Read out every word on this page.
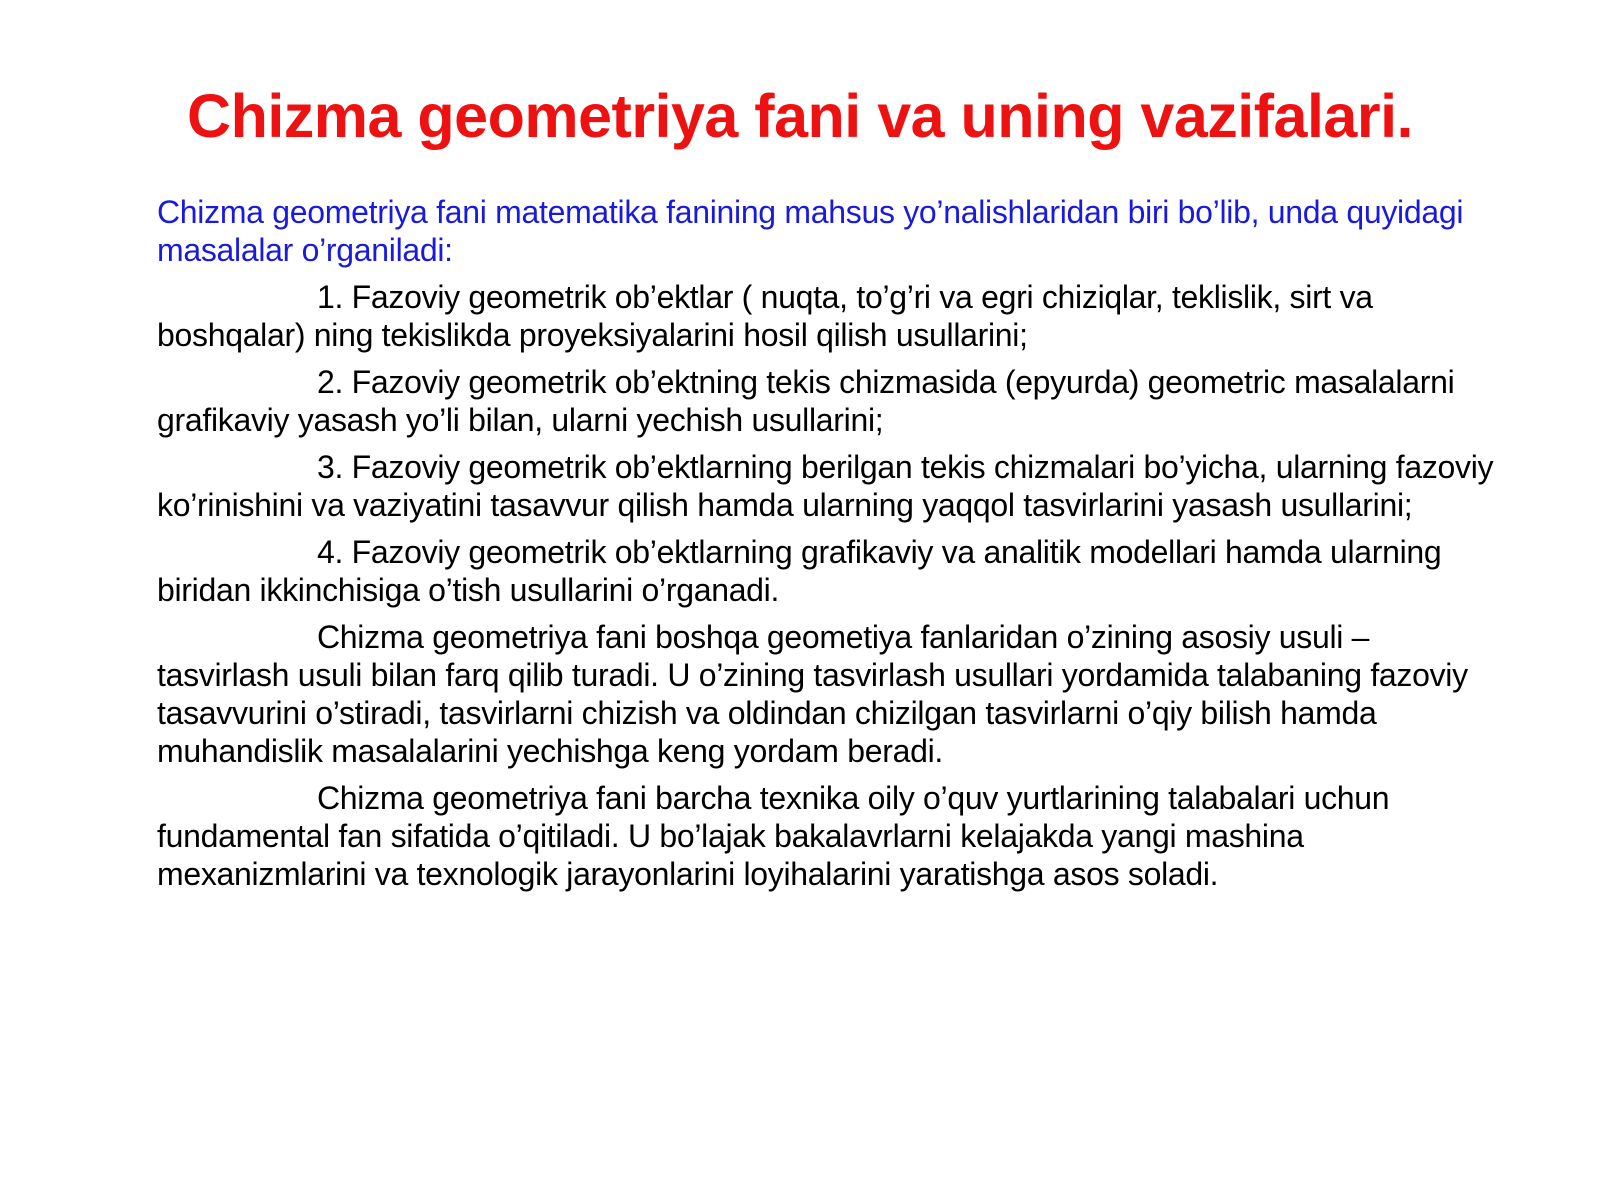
Chizma geometriya fani va uning vazifalari.

Chizma geometriya fani matematika fanining mahsus yo’nalishlaridan biri bo’lib, unda quyidagi masalalar o’rganiladi:

1. Fazoviy geometrik ob’ektlar ( nuqta, to’g’ri va egri chiziqlar, teklislik, sirt va boshqalar) ning tekislikda proyeksiyalarini hosil qilish usullarini;

2. Fazoviy geometrik ob’ektning tekis chizmasida (epyurda) geometric masalalarni grafikaviy yasash yo’li bilan, ularni yechish usullarini;

3. Fazoviy geometrik ob’ektlarning berilgan tekis chizmalari bo’yicha, ularning fazoviy ko’rinishini va vaziyatini tasavvur qilish hamda ularning yaqqol tasvirlarini yasash usullarini;

4. Fazoviy geometrik ob’ektlarning grafikaviy va analitik modellari hamda ularning biridan ikkinchisiga o’tish usullarini o’rganadi.

Chizma geometriya fani boshqa geometiya fanlaridan o’zining asosiy usuli – tasvirlash usuli bilan farq qilib turadi. U o’zining tasvirlash usullari yordamida talabaning fazoviy tasavvurini o’stiradi, tasvirlarni chizish va oldindan chizilgan tasvirlarni o’qiy bilish hamda muhandislik masalalarini yechishga keng yordam beradi.

Chizma geometriya fani barcha texnika oily o’quv yurtlarining talabalari uchun fundamental fan sifatida o’qitiladi. U bo’lajak bakalavrlarni kelajakda yangi mashina mexanizmlarini va texnologik jarayonlarini loyihalarini yaratishga asos soladi.
